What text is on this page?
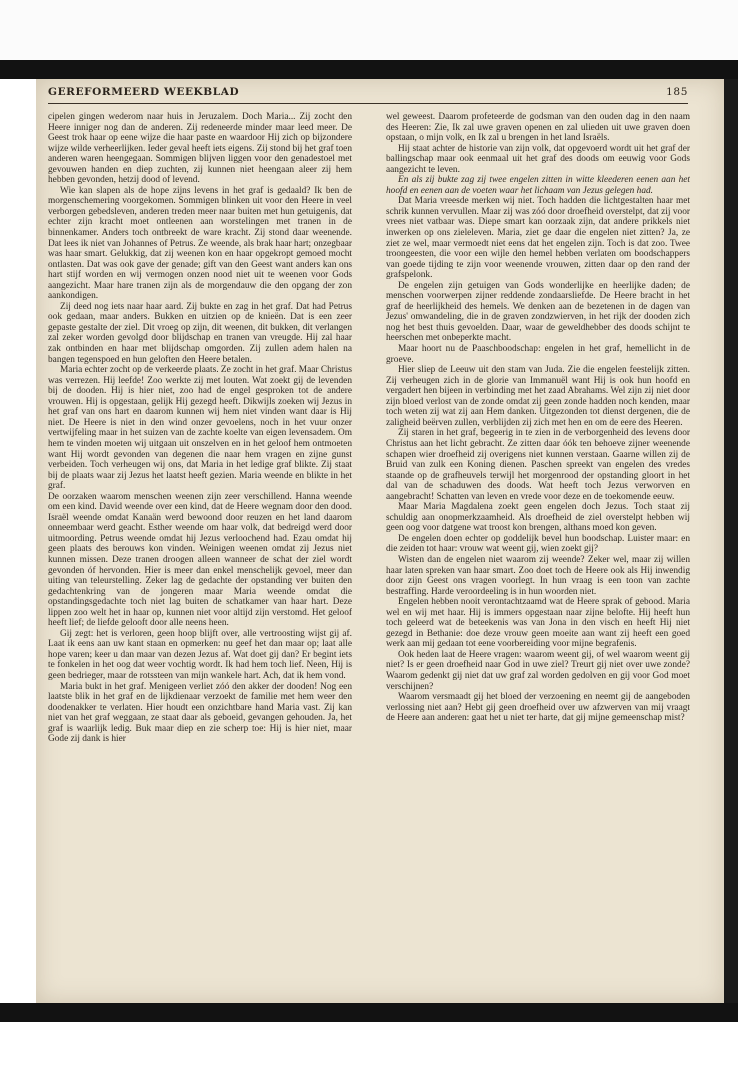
GEREFORMEERD WEEKBLAD	185

cipelen gingen wederom naar huis in Jeruzalem. Doch Maria... Zij zocht den Heere inniger nog dan de anderen. Zij redeneerde minder maar leed meer. De Geest trok haar op eene wijze die haar paste en waardoor Hij zich op bijzondere wijze wilde verheerlijken. Ieder geval heeft iets eigens. Zij stond bij het graf toen anderen waren heengegaan. Sommigen blijven liggen voor den genadestoel met gevouwen handen en diep zuchten, zij kunnen niet heengaan aleer zij hem hebben gevonden, hetzij dood of levend.

Wie kan slapen als de hope zijns levens in het graf is gedaald? Ik ben de morgenschemering voorgekomen. Sommigen blinken uit voor den Heere in veel verborgen gebedsleven, anderen treden meer naar buiten met hun getuigenis, dat echter zijn kracht moet ontleenen aan worstelingen met tranen in de binnenkamer. Anders toch ontbreekt de ware kracht. Zij stond daar weenende. Dat lees ik niet van Johannes of Petrus. Ze weende, als brak haar hart; onzegbaar was haar smart. Gelukkig, dat zij weenen kon en haar opgekropt gemoed mocht ontlasten. Dat was ook gave der genade; gift van den Geest want anders kan ons hart stijf worden en wij vermogen onzen nood niet uit te weenen voor Gods aangezicht. Maar hare tranen zijn als de morgendauw die den opgang der zon aankondigen.

Zij deed nog iets naar haar aard. Zij bukte en zag in het graf. Dat had Petrus ook gedaan, maar anders. Bukken en uitzien op de knieën. Dat is een zeer gepaste gestalte der ziel. Dit vroeg op zijn, dit weenen, dit bukken, dit verlangen zal zeker worden gevolgd door blijdschap en tranen van vreugde. Hij zal haar zak ontbinden en haar met blijdschap omgorden. Zij zullen adem halen na bangen tegenspoed en hun geloften den Heere betalen.

Maria echter zocht op de verkeerde plaats. Ze zocht in het graf. Maar Christus was verrezen. Hij leefde! Zoo werkte zij met louten. Wat zoekt gij de levenden bij de dooden. Hij is hier niet, zoo had de engel gesproken tot de andere vrouwen. Hij is opgestaan, gelijk Hij gezegd heeft. Dikwijls zoeken wij Jezus in het graf van ons hart en daarom kunnen wij hem niet vinden want daar is Hij niet. De Heere is niet in den wind onzer gevoelens, noch in het vuur onzer vertwijfeling maar in het suizen van de zachte koelte van eigen levensadem. Om hem te vinden moeten wij uitgaan uit onszelven en in het geloof hem ontmoeten want Hij wordt gevonden van degenen die naar hem vragen en zijne gunst verbeiden. Toch verheugen wij ons, dat Maria in het ledige graf blikte. Zij staat bij de plaats waar zij Jezus het laatst heeft gezien. Maria weende en blikte in het graf.

De oorzaken waarom menschen weenen zijn zeer verschillend. Hanna weende om een kind. David weende over een kind, dat de Heere wegnam door den dood. Israël weende omdat Kanaän werd bewoond door reuzen en het land daarom onneembaar werd geacht. Esther weende om haar volk, dat bedreigd werd door uitmoording. Petrus weende omdat hij Jezus verloochend had. Ezau omdat hij geen plaats des berouws kon vinden. Weinigen weenen omdat zij Jezus niet kunnen missen. Deze tranen droogen alleen wanneer de schat der ziel wordt gevonden óf hervonden. Hier is meer dan enkel menschelijk gevoel, meer dan uiting van teleurstelling. Zeker lag de gedachte der opstanding ver buiten den gedachtenkring van de jongeren maar Maria weende omdat die opstandingsgedachte toch niet lag buiten de schatkamer van haar hart. Deze lippen zoo welt het in haar op, kunnen niet voor altijd zijn verstomd. Het geloof heeft lief; de liefde gelooft door alle neens heen.

Gij zegt: het is verloren, geen hoop blijft over, alle vertroosting wijst gij af. Laat ik eens aan uw kant staan en opmerken: nu geef het dan maar op; laat alle hope varen; keer u dan maar van dezen Jezus af. Wat doet gij dan? Er begint iets te fonkelen in het oog dat weer vochtig wordt. Ik had hem toch lief. Neen, Hij is geen bedrieger, maar de rotssteen van mijn wankele hart. Ach, dat ik hem vond.

Maria bukt in het graf. Menigeen verliet zóó den akker der dooden! Nog een laatste blik in het graf en de lijkdienaar verzoekt de familie met hem weer den doodenakker te verlaten. Hier houdt een onzichtbare hand Maria vast. Zij kan niet van het graf weggaan, ze staat daar als geboeid, gevangen gehouden. Ja, het graf is waarlijk ledig. Buk maar diep en zie scherp toe: Hij is hier niet, maar Gode zij dank is hier

wel geweest. Daarom profeteerde de godsman van den ouden dag in den naam des Heeren: Zie, Ik zal uwe graven openen en zal ulieden uit uwe graven doen opstaan, o mijn volk, en Ik zal u brengen in het land Israëls.

Hij staat achter de historie van zijn volk, dat opgevoerd wordt uit het graf der ballingschap maar ook eenmaal uit het graf des doods om eeuwig voor Gods aangezicht te leven.

En als zij bukte zag zij twee engelen zitten in witte kleederen eenen aan het hoofd en eenen aan de voeten waar het lichaam van Jezus gelegen had.

Dat Maria vreesde merken wij niet. Toch hadden die lichtgestalten haar met schrik kunnen vervullen. Maar zij was zóó door droefheid overstelpt, dat zij voor vrees niet vatbaar was. Diepe smart kan oorzaak zijn, dat andere prikkels niet inwerken op ons zieleleven. Maria, ziet ge daar die engelen niet zitten? Ja, ze ziet ze wel, maar vermoedt niet eens dat het engelen zijn. Toch is dat zoo. Twee troongeesten, die voor een wijle den hemel hebben verlaten om boodschappers van goede tijding te zijn voor weenende vrouwen, zitten daar op den rand der grafspelonk.

De engelen zijn getuigen van Gods wonderlijke en heerlijke daden; de menschen voorwerpen zijner reddende zondaarsliefde. De Heere bracht in het graf de heerlijkheid des hemels. We denken aan de bezetenen in de dagen van Jezus' omwandeling, die in de graven zondzwierven, in het rijk der dooden zich nog het best thuis gevoelden. Daar, waar de geweldhebber des doods schijnt te heerschen met onbeperkte macht.

Maar hoort nu de Paaschboodschap: engelen in het graf, hemellicht in de groeve.

Hier sliep de Leeuw uit den stam van Juda. Zie die engelen feestelijk zitten. Zij verheugen zich in de glorie van Immanuël want Hij is ook hun hoofd en vergadert hen bijeen in verbinding met het zaad Abrahams. Wel zijn zij niet door zijn bloed verlost van de zonde omdat zij geen zonde hadden noch kenden, maar toch weten zij wat zij aan Hem danken. Uitgezonden tot dienst dergenen, die de zaligheid beërven zullen, verblijden zij zich met hen en om de eere des Heeren.

Zij staren in het graf, begeerig in te zien in de verborgenheid des levens door Christus aan het licht gebracht. Ze zitten daar óók ten behoeve zijner weenende schapen wier droefheid zij overigens niet kunnen verstaan. Gaarne willen zij de Bruid van zulk een Koning dienen. Paschen spreekt van engelen des vredes staande op de grafheuvels terwijl het morgenrood der opstanding gloort in het dal van de schaduwen des doods. Wat heeft toch Jezus verworven en aangebracht! Schatten van leven en vrede voor deze en de toekomende eeuw.

Maar Maria Magdalena zoekt geen engelen doch Jezus. Toch staat zij schuldig aan onopmerkzaamheid. Als droefheid de ziel overstelpt hebben wij geen oog voor datgene wat troost kon brengen, althans moed kon geven.

De engelen doen echter op goddelijk bevel hun boodschap. Luister maar: en die zeiden tot haar: vrouw wat weent gij, wien zoekt gij?

Wisten dan de engelen niet waarom zij weende? Zeker wel, maar zij willen haar laten spreken van haar smart. Zoo doet toch de Heere ook als Hij inwendig door zijn Geest ons vragen voorlegt. In hun vraag is een toon van zachte bestraffing. Harde veroordeeling is in hun woorden niet.

Engelen hebben nooit verontachtzaamd wat de Heere sprak of gebood. Maria wel en wij met haar. Hij is immers opgestaan naar zijne belofte. Hij heeft hun toch geleerd wat de beteekenis was van Jona in den visch en heeft Hij niet gezegd in Bethanie: doe deze vrouw geen moeite aan want zij heeft een goed werk aan mij gedaan tot eene voorbereiding voor mijne begrafenis.

Ook heden laat de Heere vragen: waarom weent gij, of wel waarom weent gij niet? Is er geen droefheid naar God in uwe ziel? Treurt gij niet over uwe zonde? Waarom gedenkt gij niet dat uw graf zal worden gedolven en gij voor God moet verschijnen?

Waarom versmaadt gij het bloed der verzoening en neemt gij de aangeboden verlossing niet aan? Hebt gij geen droefheid over uw afzwerven van mij vraagt de Heere aan anderen: gaat het u niet ter harte, dat gij mijne gemeenschap mist?
